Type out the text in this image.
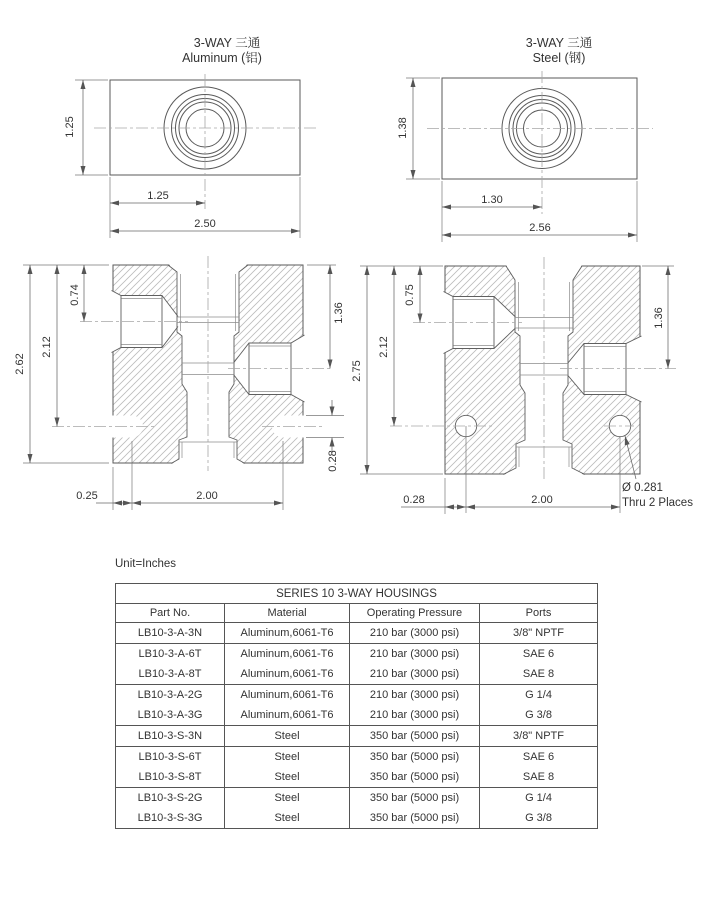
3-WAY 三通
Aluminum (铝)
1.25
1.25
2.50
3-WAY 三通
Steel (钢)
1.38
1.30
2.56
2.62
2.12
0.74
1.36
0.28
0.25	2.00
2.75
2.12
0.75
1.36
0.28	2.00
Ø 0.281
Thru 2 Places
Unit=Inches
SERIES 10 3-WAY HOUSINGS			
Part No.	Material	Operating Pressure	Ports
LB10-3-A-3N	Aluminum,6061-T6	210 bar (3000 psi)	3/8" NPTF
LB10-3-A-6T	Aluminum,6061-T6	210 bar (3000 psi)	SAE 6
LB10-3-A-8T	Aluminum,6061-T6	210 bar (3000 psi)	SAE 8
LB10-3-A-2G	Aluminum,6061-T6	210 bar (3000 psi)	G 1/4
LB10-3-A-3G	Aluminum,6061-T6	210 bar (3000 psi)	G 3/8
LB10-3-S-3N	Steel	350 bar (5000 psi)	3/8" NPTF
LB10-3-S-6T	Steel	350 bar (5000 psi)	SAE 6
LB10-3-S-8T	Steel	350 bar (5000 psi)	SAE 8
LB10-3-S-2G	Steel	350 bar (5000 psi)	G 1/4
LB10-3-S-3G	Steel	350 bar (5000 psi)	G 3/8
